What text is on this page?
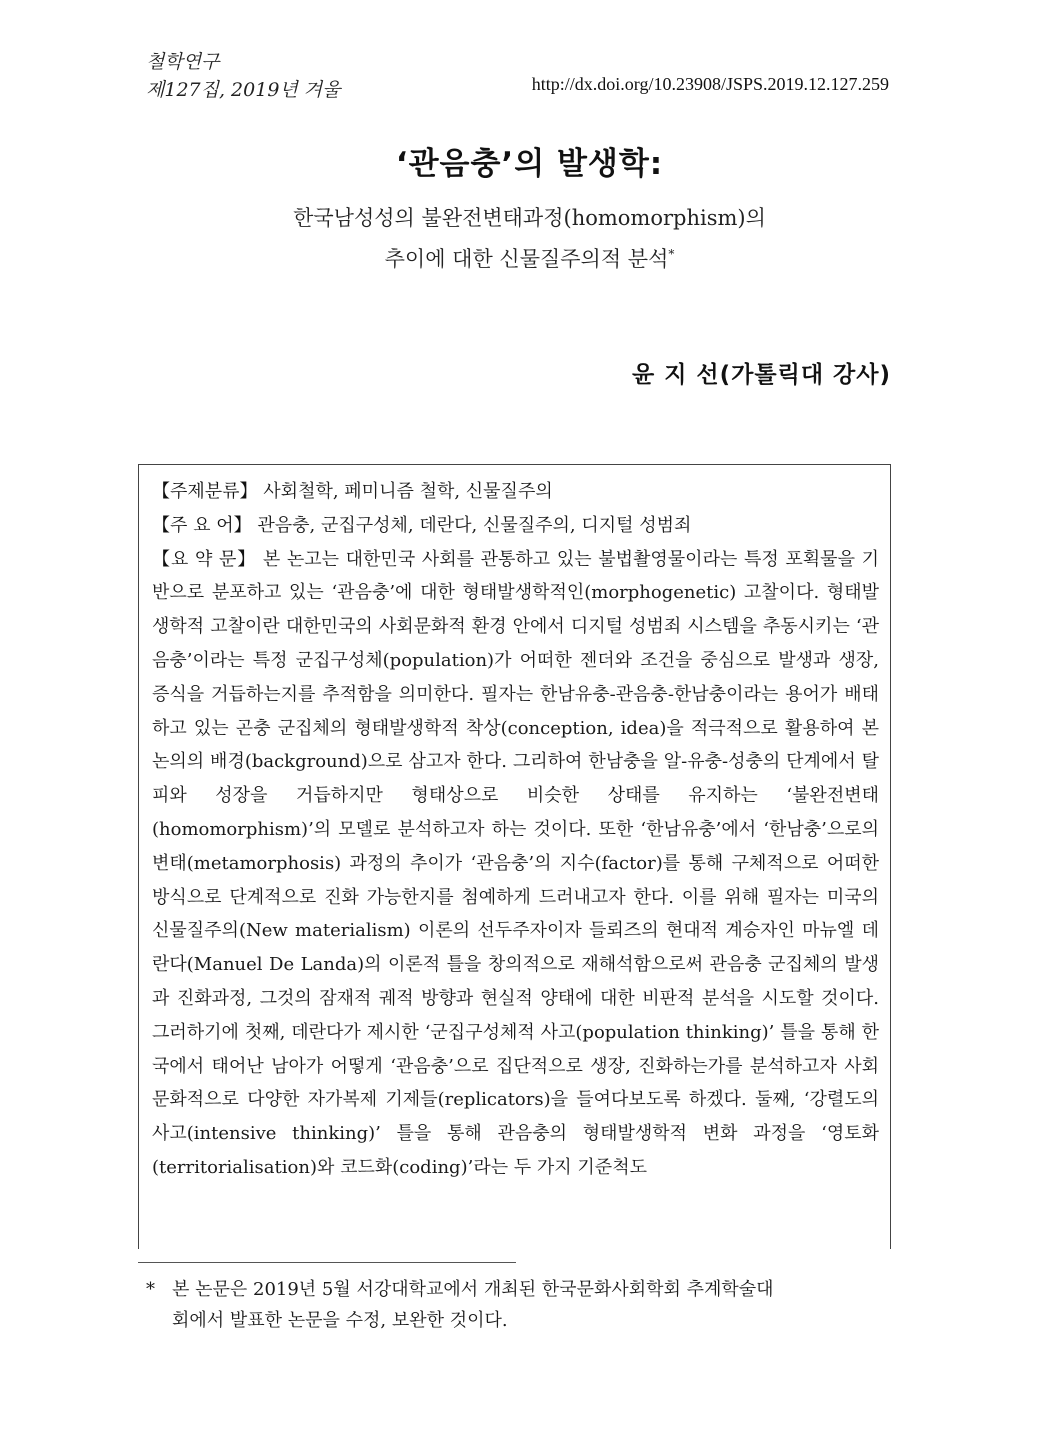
철학연구
제127집, 2019년 겨울	http://dx.doi.org/10.23908/JSPS.2019.12.127.259
‘관음충’의 발생학:
한국남성성의 불완전변태과정(homomorphism)의
추이에 대한 신물질주의적 분석*
윤 지 선(가톨릭대 강사)
【주제분류】 사회철학, 페미니즘 철학, 신물질주의
【주 요 어】 관음충, 군집구성체, 데란다, 신물질주의, 디지털 성범죄
【요 약 문】 본 논고는 대한민국 사회를 관통하고 있는 불법촬영물이라는 특정 포획물을 기반으로 분포하고 있는 ‘관음충’에 대한 형태발생학적인(morphogenetic) 고찰이다. 형태발생학적 고찰이란 대한민국의 사회문화적 환경 안에서 디지털 성범죄 시스템을 추동시키는 ‘관음충’이라는 특정 군집구성체(population)가 어떠한 젠더와 조건을 중심으로 발생과 생장, 증식을 거듭하는지를 추적함을 의미한다. 필자는 한남유충-관음충-한남충이라는 용어가 배태하고 있는 곤충 군집체의 형태발생학적 착상(conception, idea)을 적극적으로 활용하여 본 논의의 배경(background)으로 삼고자 한다. 그리하여 한남충을 알-유충-성충의 단계에서 탈피와 성장을 거듭하지만 형태상으로 비슷한 상태를 유지하는 ‘불완전변태(homomorphism)’의 모델로 분석하고자 하는 것이다. 또한 ‘한남유충’에서 ‘한남충’으로의 변태(metamorphosis) 과정의 추이가 ‘관음충’의 지수(factor)를 통해 구체적으로 어떠한 방식으로 단계적으로 진화 가능한지를 첨예하게 드러내고자 한다. 이를 위해 필자는 미국의 신물질주의(New materialism) 이론의 선두주자이자 들뢰즈의 현대적 계승자인 마뉴엘 데란다(Manuel De Landa)의 이론적 틀을 창의적으로 재해석함으로써 관음충 군집체의 발생과 진화과정, 그것의 잠재적 궤적 방향과 현실적 양태에 대한 비판적 분석을 시도할 것이다. 그러하기에 첫째, 데란다가 제시한 ‘군집구성체적 사고(population thinking)’ 틀을 통해 한국에서 태어난 남아가 어떻게 ‘관음충’으로 집단적으로 생장, 진화하는가를 분석하고자 사회문화적으로 다양한 자가복제 기제들(replicators)을 들여다보도록 하겠다. 둘째, ‘강렬도의 사고(intensive thinking)’ 틀을 통해 관음충의 형태발생학적 변화 과정을 ‘영토화(territorialisation)와 코드화(coding)’라는 두 가지 기준척도
* 본 논문은 2019년 5월 서강대학교에서 개최된 한국문화사회학회 추계학술대
회에서 발표한 논문을 수정, 보완한 것이다.
